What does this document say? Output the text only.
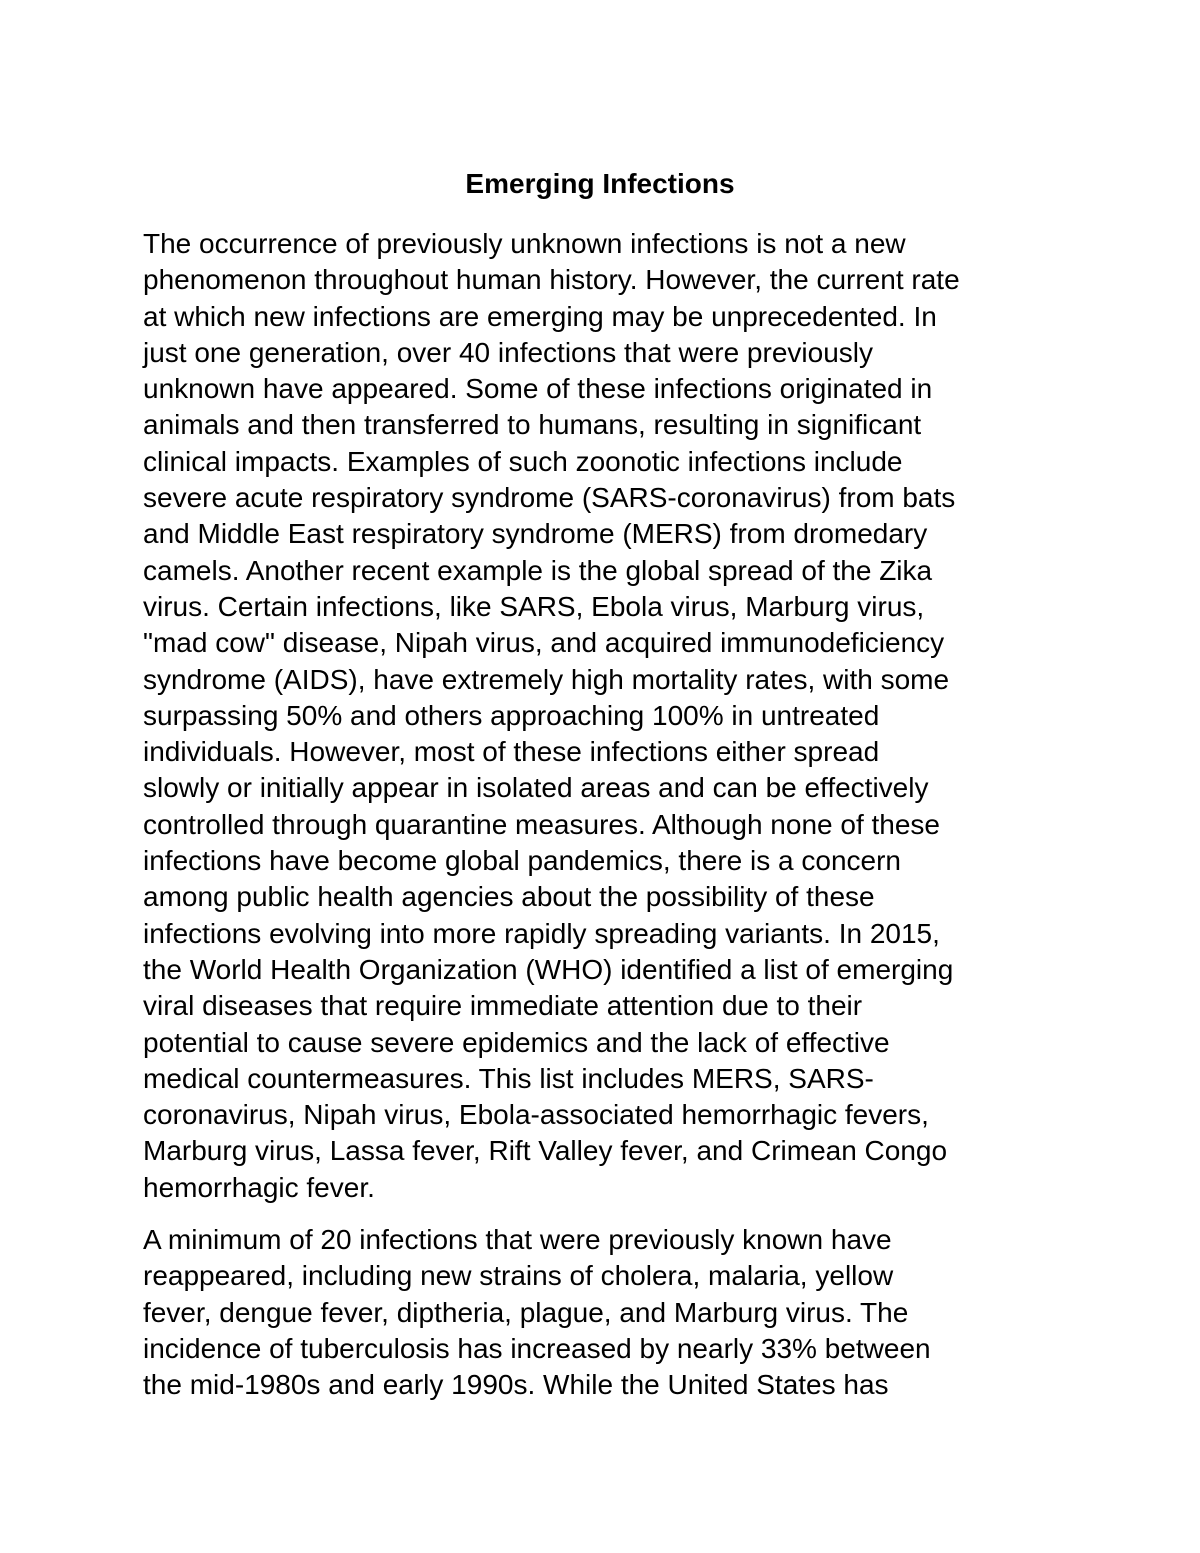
Emerging Infections

The occurrence of previously unknown infections is not a new
phenomenon throughout human history. However, the current rate
at which new infections are emerging may be unprecedented. In
just one generation, over 40 infections that were previously
unknown have appeared. Some of these infections originated in
animals and then transferred to humans, resulting in significant
clinical impacts. Examples of such zoonotic infections include
severe acute respiratory syndrome (SARS-coronavirus) from bats
and Middle East respiratory syndrome (MERS) from dromedary
camels. Another recent example is the global spread of the Zika
virus. Certain infections, like SARS, Ebola virus, Marburg virus,
"mad cow" disease, Nipah virus, and acquired immunodeficiency
syndrome (AIDS), have extremely high mortality rates, with some
surpassing 50% and others approaching 100% in untreated
individuals. However, most of these infections either spread
slowly or initially appear in isolated areas and can be effectively
controlled through quarantine measures. Although none of these
infections have become global pandemics, there is a concern
among public health agencies about the possibility of these
infections evolving into more rapidly spreading variants. In 2015,
the World Health Organization (WHO) identified a list of emerging
viral diseases that require immediate attention due to their
potential to cause severe epidemics and the lack of effective
medical countermeasures. This list includes MERS, SARS-
coronavirus, Nipah virus, Ebola-associated hemorrhagic fevers,
Marburg virus, Lassa fever, Rift Valley fever, and Crimean Congo
hemorrhagic fever.

A minimum of 20 infections that were previously known have
reappeared, including new strains of cholera, malaria, yellow
fever, dengue fever, diptheria, plague, and Marburg virus. The
incidence of tuberculosis has increased by nearly 33% between
the mid-1980s and early 1990s. While the United States has
